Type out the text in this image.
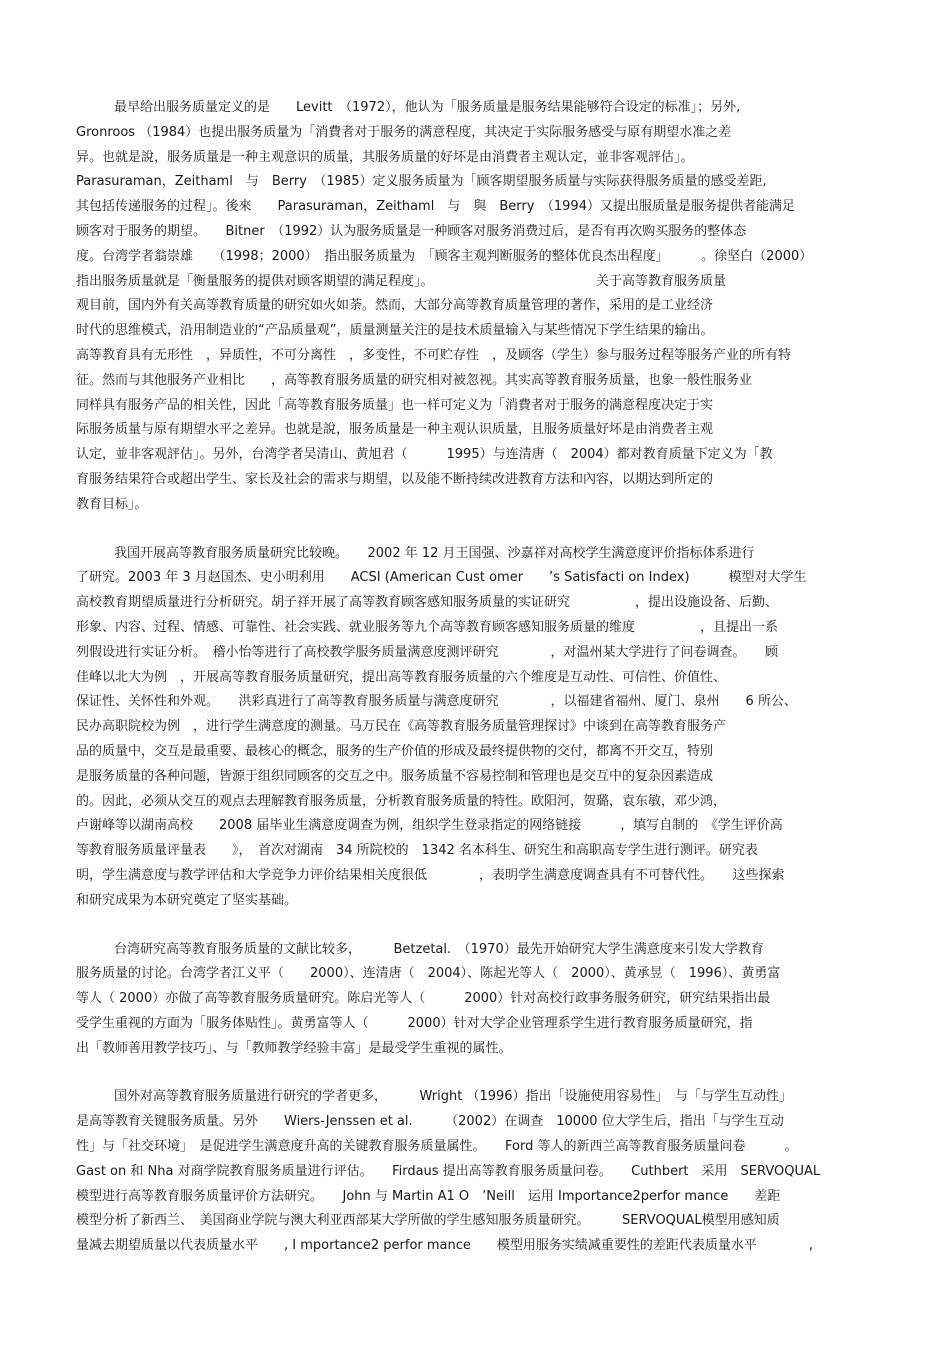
最早给出服务质量定义的是　　Levitt　（1972），他认为「服务质量是服务结果能够符合设定的标准」；另外,
Gronroos （1984）也提出服务质量为「消費者对于服务的满意程度，其决定于实际服务感受与原有期望水准之差
异。也就是說，服务质量是一种主观意识的质量，其服务质量的好坏是由消費者主观认定，並非客观評估」。
Parasuraman，Zeithaml　与　Berry　（1985）定义服务质量为「顾客期望服务质量与实际获得服务质量的感受差距,
其包括传递服务的过程」。後來　　Parasuraman，Zeithaml　与　與　Berry　（1994）又提出服质量是服务提供者能满足
顾客对于服务的期望。　　Bitner　（1992）认为服务质量是一种顾客对服务消费过后，是否有再次购买服务的整体态
度。台湾学者翁崇雄　　（1998；2000）　指出服务质量为　「顾客主观判断服务的整体优良杰出程度」　　　。徐坚白（2000）
指出服务质量就是「衡量服务的提供对顾客期望的满足程度」。　　　　　　　　　　　　　关于高等教育服务质量
观目前，国内外有关高等教育质量的研究如火如荼。然而，大部分高等教育质量管理的著作，采用的是工业经济
时代的思维模式，沿用制造业的“产品质量观”，质量测量关注的是技术质量输入与某些情况下学生结果的输出。
高等教育具有无形性　，异质性，不可分离性　，多变性，不可贮存性　，及顾客（学生）参与服务过程等服务产业的所有特
征。然而与其他服务产业相比　　，高等教育服务质量的研究相对被忽视。其实高等教育服务质量，也象一般性服务业
同样具有服务产品的相关性，因此「高等教育服务质量」也一样可定义为「消費者对于服务的满意程度决定于实
际服务质量与原有期望水平之差异。也就是說，服务质量是一种主观认识质量，且服务质量好坏是由消费者主观
认定，並非客观評估」。另外，台湾学者吴清山、黄旭君（　　　1995）与连清唐（　2004）都对教育质量下定义为「教
育服务结果符合或超出学生、家长及社会的需求与期望，以及能不断持续改进教育方法和內容，以期达到所定的
教育目标」。
我国开展高等教育服务质量研究比较晚。　　2002 年 12 月王国强、沙嘉祥对高校学生满意度评价指标体系进行
了研究。2003 年 3 月赵国杰、史小明利用　　ACSI (American Cust omer　　’s Satisfacti on Index)　　　模型对大学生
高校教育期望质量进行分析研究。胡子祥开展了高等教育顾客感知服务质量的实证研究　　　　　，提出设施设备、后勤、
形象、内容、过程、情感、可靠性、社会实践、就业服务等九个高等教育顾客感知服务质量的维度　　　　　，且提出一系
列假设进行实证分析。　稽小怡等进行了高校教学服务质量满意度测评研究　　　　，对温州某大学进行了问卷调查。　　顾
佳峰以北大为例　，开展高等教育服务质量研究，提出高等教育服务质量的六个维度是互动性、可信性、价值性、
保证性、关怀性和外观。　　洪彩真进行了高等教育服务质量与满意度研究　　　　，以福建省福州、厦门、泉州　　6 所公、
民办高职院校为例　，进行学生满意度的测量。马万民在《高等教育服务质量管理探讨》中谈到在高等教育服务产
品的质量中，交互是最重要、最核心的概念，服务的生产价值的形成及最终提供物的交付，都离不开交互，特别
是服务质量的各种问题，皆源于组织同顾客的交互之中。服务质量不容易控制和管理也是交互中的复杂因素造成
的。因此，必须从交互的观点去理解教育服务质量，分析教育服务质量的特性。欧阳河，贺璐，袁东敏，邓少鸿，
卢谢峰等以湖南高校　　2008 届毕业生满意度调查为例，组织学生登录指定的网络链接　　　，填写自制的　《学生评价高
等教育服务质量评量表　　》，　首次对湖南　34 所院校的　1342 名本科生、研究生和高职高专学生进行测评。研究表
明，学生满意度与教学评估和大学竞争力评价结果相关度很低　　　　，表明学生满意度调查具有不可替代性。　　这些探索
和研究成果为本研究奠定了坚实基础。
台湾研究高等教育服务质量的文献比较多，　　　Betzetal.　（1970）最先开始研究大学生满意度来引发大学教育
服务质量的讨论。台湾学者江义平（　　2000）、连清唐（　2004）、陈起光等人（　2000）、黄承昱（　1996）、黄勇富
等人（ 2000）亦做了高等教育服务质量研究。陈启光等人（　　　2000）针对高校行政事务服务研究，研究结果指出最
受学生重视的方面为「服务体贴性」。黄勇富等人（　　　2000）针对大学企业管理系学生进行教育服务质量研究，指
出「教师善用教学技巧」、与「教师教学经验丰富」是最受学生重视的属性。
国外对高等教育服务质量进行研究的学者更多，　　　Wright （1996）指出「设施使用容易性」　与「与学生互动性」
是高等教育关键服务质量。另外　　Wiers-Jenssen et al.　　　（2002）在调查　10000 位大学生后，指出「与学生互动
性」与「社交环境」　是促进学生满意度升高的关键教育服务质量属性。　　Ford 等人的新西兰高等教育服务质量问卷　　　。
Gast on 和 Nha 对商学院教育服务质量进行评估。　　Firdaus 提出高等教育服务质量问卷。　　Cuthbert　采用　SERVOQUAL
模型进行高等教育服务质量评价方法研究。　　John 与 Martin A1 O　’Neill　运用 Importance2perfor mance　　差距
模型分析了新西兰、　美国商业学院与澳大利亚西部某大学所做的学生感知服务质量研究。　　　SERVOQUAL模型用感知质
量减去期望质量以代表质量水平　　, I mportance2 perfor mance　　模型用服务实绩减重要性的差距代表质量水平　　　　,
